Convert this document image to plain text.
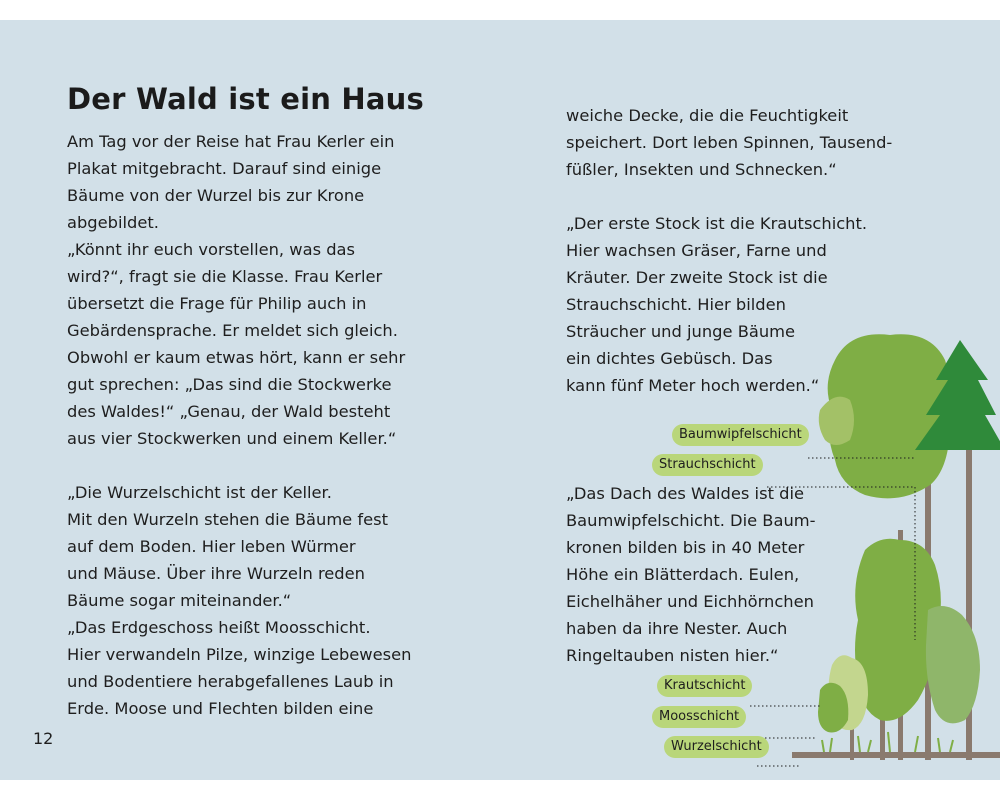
Der Wald ist ein Haus
Am Tag vor der Reise hat Frau Kerler ein
Plakat mitgebracht. Darauf sind einige
Bäume von der Wurzel bis zur Krone
abgebildet.
„Könnt ihr euch vorstellen, was das
wird?“, fragt sie die Klasse. Frau Kerler
übersetzt die Frage für Philip auch in
Gebärdensprache. Er meldet sich gleich.
Obwohl er kaum etwas hört, kann er sehr
gut sprechen: „Das sind die Stockwerke
des Waldes!“ „Genau, der Wald besteht
aus vier Stockwerken und einem Keller.“
„Die Wurzelschicht ist der Keller.
Mit den Wurzeln stehen die Bäume fest
auf dem Boden. Hier leben Würmer
und Mäuse. Über ihre Wurzeln reden
Bäume sogar miteinander.“
„Das Erdgeschoss heißt Moosschicht.
Hier verwandeln Pilze, winzige Lebewesen
und Bodentiere herabgefallenes Laub in
Erde. Moose und Flechten bilden eine
weiche Decke, die die Feuchtigkeit
speichert. Dort leben Spinnen, Tausend-
füßler, Insekten und Schnecken.“
„Der erste Stock ist die Krautschicht.
Hier wachsen Gräser, Farne und
Kräuter. Der zweite Stock ist die
Strauchschicht. Hier bilden
Sträucher und junge Bäume
ein dichtes Gebüsch. Das
kann fünf Meter hoch werden.“
„Das Dach des Waldes ist die
Baumwipfelschicht. Die Baum-
kronen bilden bis in 40 Meter
Höhe ein Blätterdach. Eulen,
Eichelhäher und Eichhörnchen
haben da ihre Nester. Auch
Ringeltauben nisten hier.“
12
Baumwipfelschicht
Strauchschicht
Krautschicht
Moosschicht
Wurzelschicht
